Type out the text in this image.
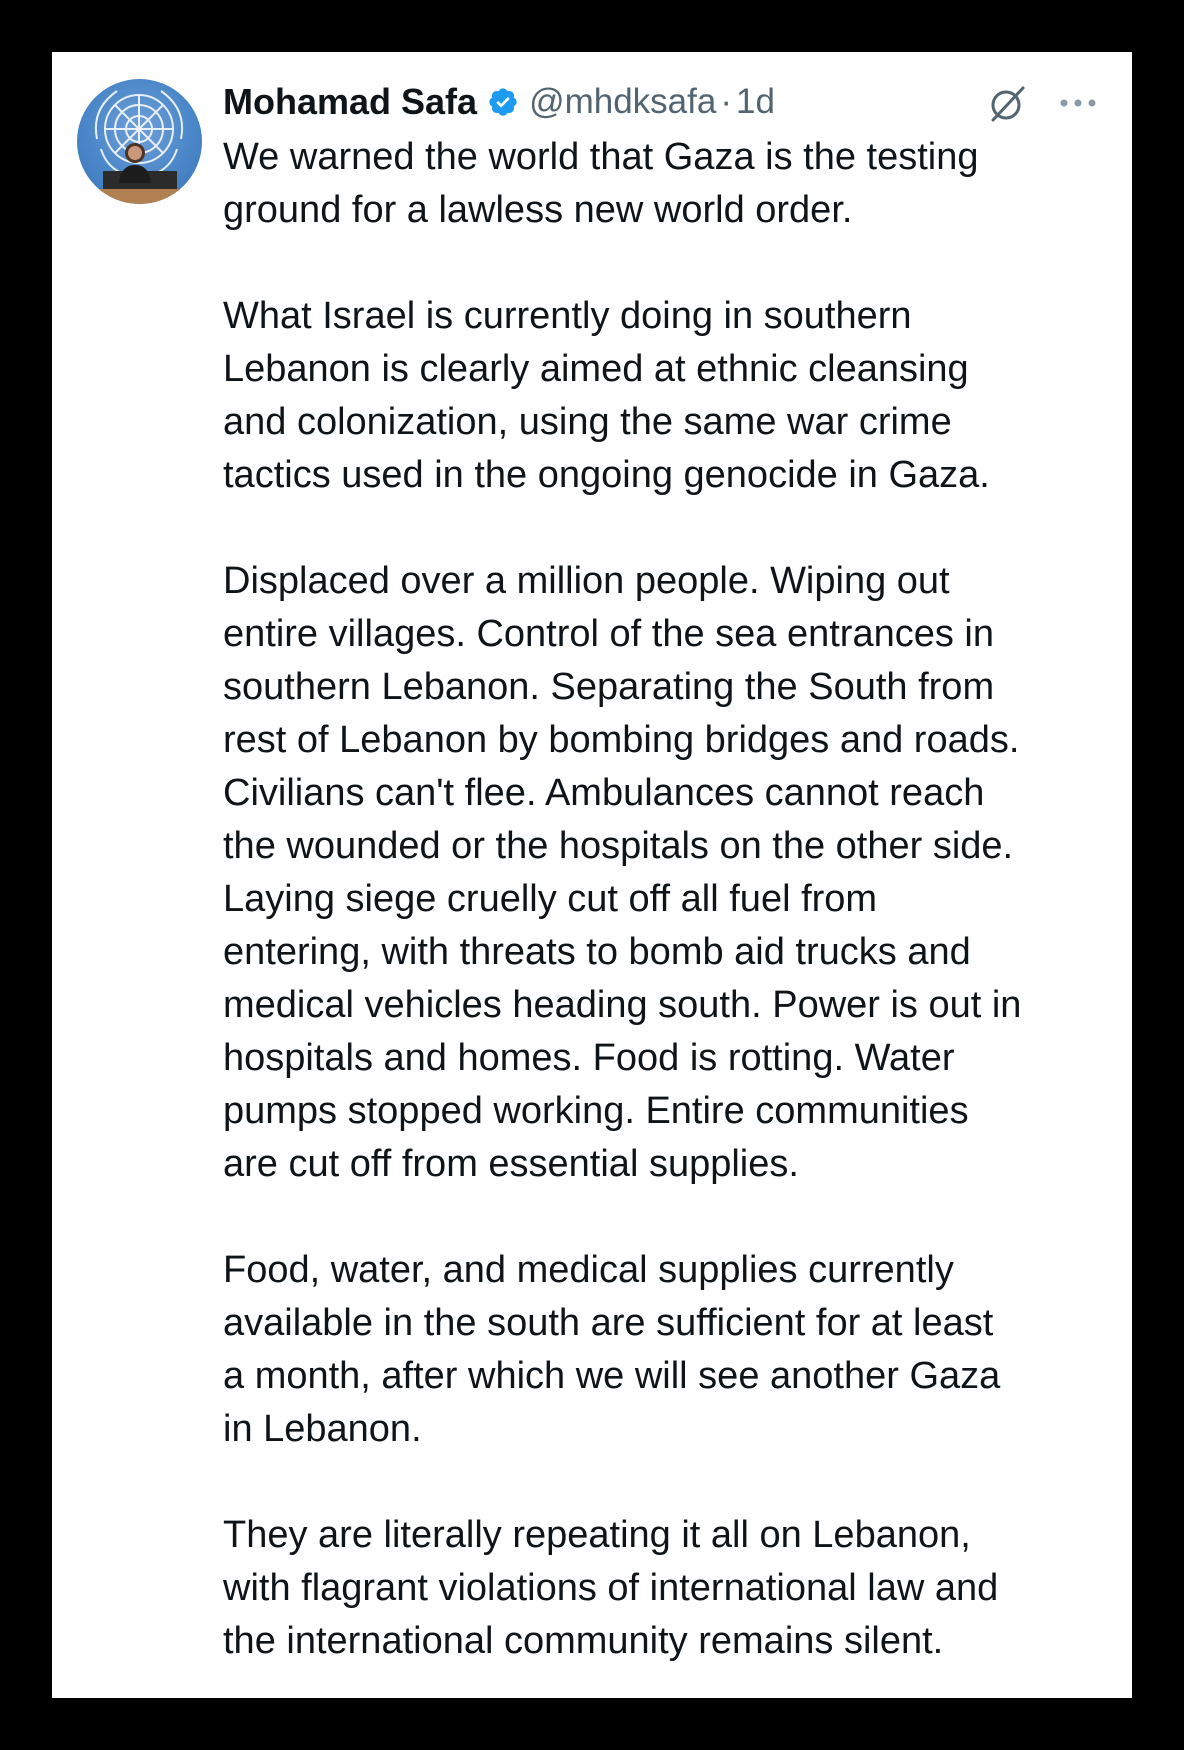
Mohamad Safa @mhdksafa · 1d
We warned the world that Gaza is the testing
ground for a lawless new world order.
What Israel is currently doing in southern
Lebanon is clearly aimed at ethnic cleansing
and colonization, using the same war crime
tactics used in the ongoing genocide in Gaza.
Displaced over a million people. Wiping out
entire villages. Control of the sea entrances in
southern Lebanon. Separating the South from
rest of Lebanon by bombing bridges and roads.
Civilians can't flee. Ambulances cannot reach
the wounded or the hospitals on the other side.
Laying siege cruelly cut off all fuel from
entering, with threats to bomb aid trucks and
medical vehicles heading south. Power is out in
hospitals and homes. Food is rotting. Water
pumps stopped working. Entire communities
are cut off from essential supplies.
Food, water, and medical supplies currently
available in the south are sufficient for at least
a month, after which we will see another Gaza
in Lebanon.
They are literally repeating it all on Lebanon,
with flagrant violations of international law and
the international community remains silent.
